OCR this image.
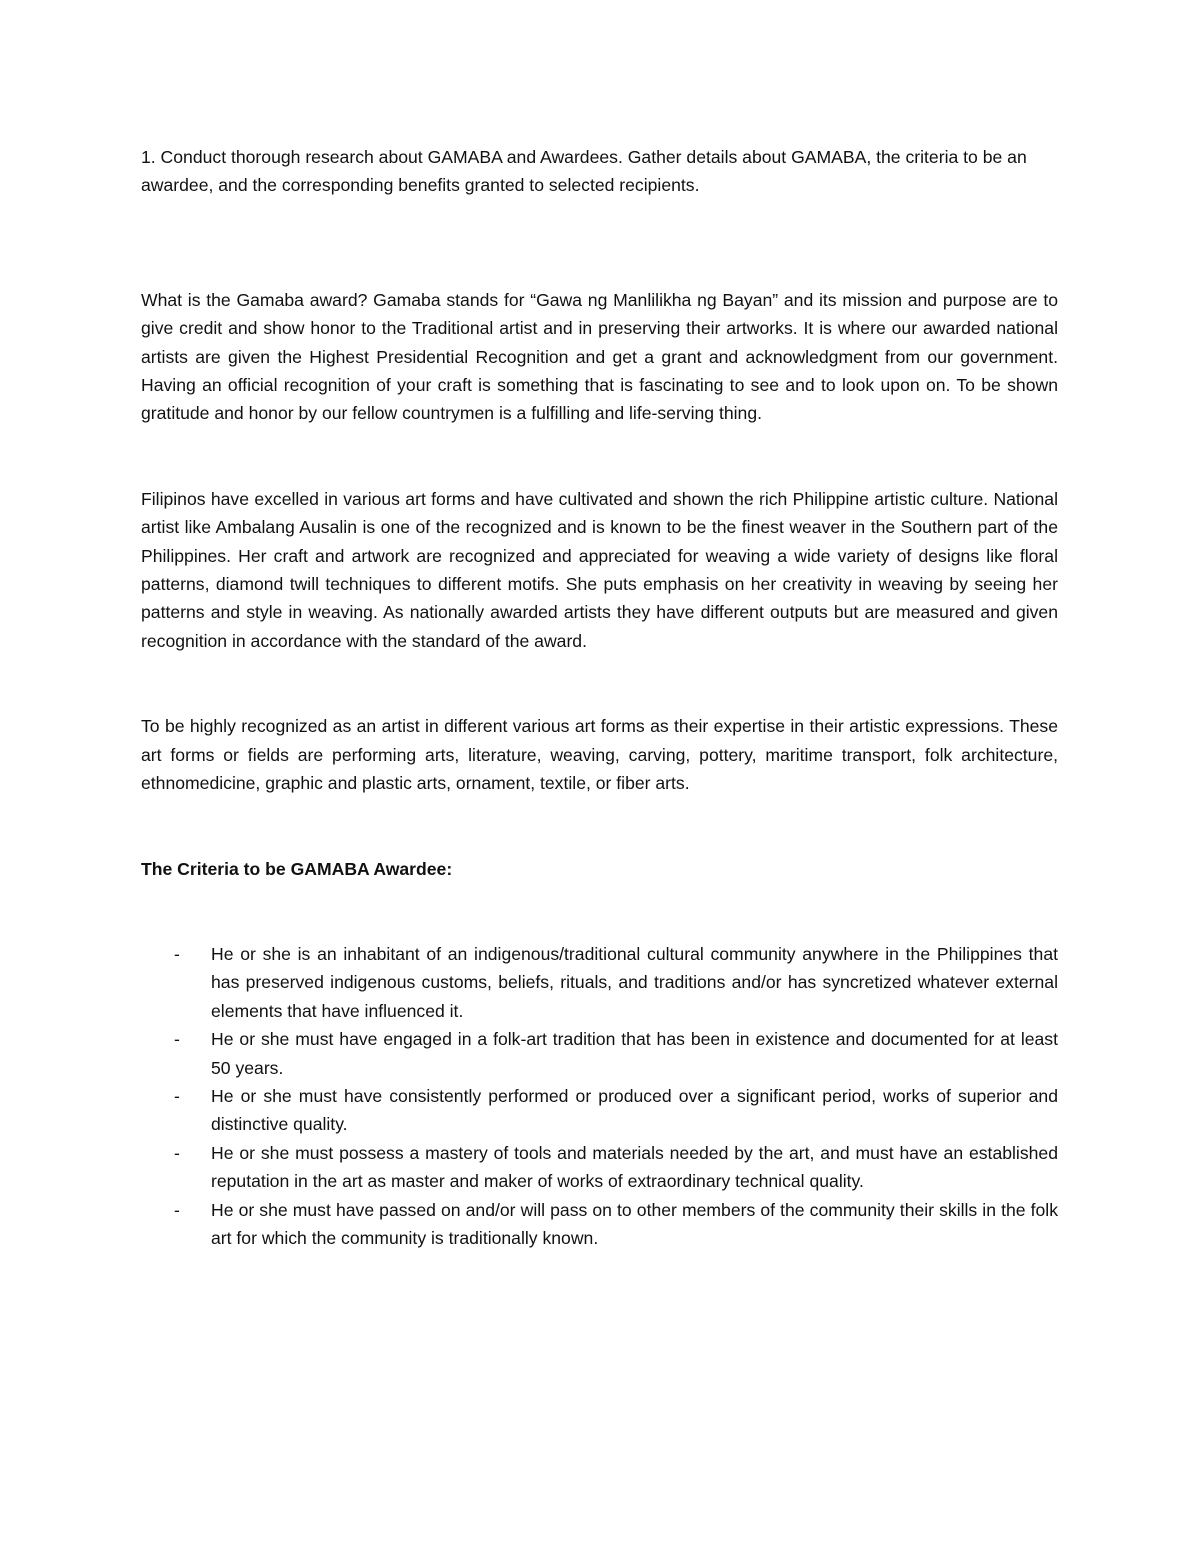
1. Conduct thorough research about GAMABA and Awardees. Gather details about GAMABA, the criteria to be an awardee, and the corresponding benefits granted to selected recipients.

What is the Gamaba award? Gamaba stands for “Gawa ng Manlilikha ng Bayan” and its mission and purpose are to give credit and show honor to the Traditional artist and in preserving their artworks. It is where our awarded national artists are given the Highest Presidential Recognition and get a grant and acknowledgment from our government. Having an official recognition of your craft is something that is fascinating to see and to look upon on. To be shown gratitude and honor by our fellow countrymen is a fulfilling and life-serving thing.

Filipinos have excelled in various art forms and have cultivated and shown the rich Philippine artistic culture. National artist like Ambalang Ausalin is one of the recognized and is known to be the finest weaver in the Southern part of the Philippines. Her craft and artwork are recognized and appreciated for weaving a wide variety of designs like floral patterns, diamond twill techniques to different motifs. She puts emphasis on her creativity in weaving by seeing her patterns and style in weaving. As nationally awarded artists they have different outputs but are measured and given recognition in accordance with the standard of the award.

To be highly recognized as an artist in different various art forms as their expertise in their artistic expressions. These art forms or fields are performing arts, literature, weaving, carving, pottery, maritime transport, folk architecture, ethnomedicine, graphic and plastic arts, ornament, textile, or fiber arts.

The Criteria to be GAMABA Awardee:

- He or she is an inhabitant of an indigenous/traditional cultural community anywhere in the Philippines that has preserved indigenous customs, beliefs, rituals, and traditions and/or has syncretized whatever external elements that have influenced it.
- He or she must have engaged in a folk-art tradition that has been in existence and documented for at least 50 years.
- He or she must have consistently performed or produced over a significant period, works of superior and distinctive quality.
- He or she must possess a mastery of tools and materials needed by the art, and must have an established reputation in the art as master and maker of works of extraordinary technical quality.
- He or she must have passed on and/or will pass on to other members of the community their skills in the folk art for which the community is traditionally known.
